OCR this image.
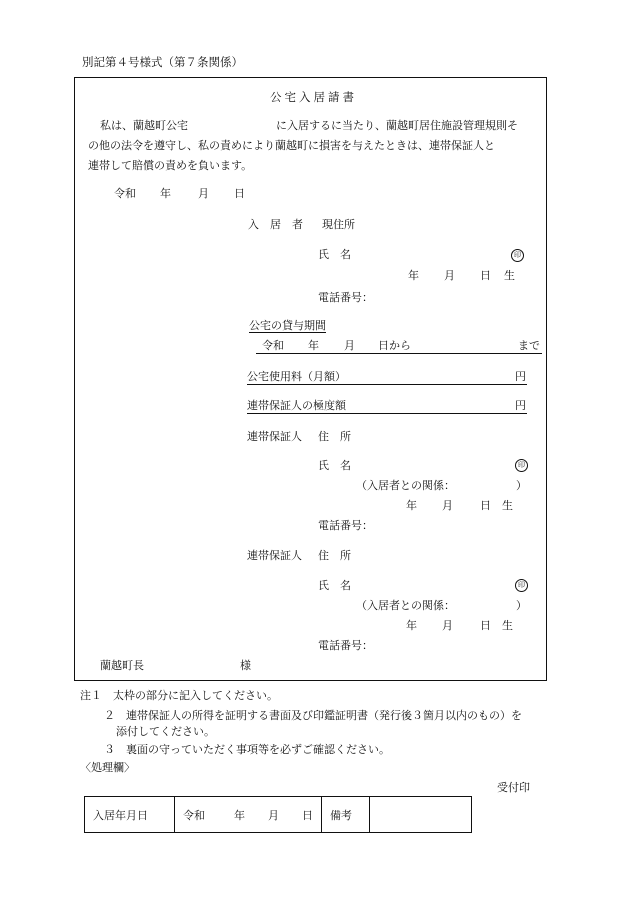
別記第４号様式（第７条関係）
公宅入居請書
私は、蘭越町公宅	に入居するに当たり、蘭越町居住施設管理規則そ
の他の法令を遵守し、私の責めにより蘭越町に損害を与えたときは、連帯保証人と
連帯して賠償の責めを負います。
令和 年 月 日
入　居　者 現住所
氏　名	印
年 月 日 生
電話番号：
公宅の貸与期間
令和 年 月 日から	まで
公宅使用料（月額）	円
連帯保証人の極度額	円
連帯保証人 住　所
氏　名	印
（入居者との関係：	）
年 月 日 生
電話番号：
連帯保証人 住　所
氏　名	印
（入居者との関係：	）
年 月 日 生
電話番号：
蘭越町長	様
注１　太枠の部分に記入してください。
２　連帯保証人の所得を証明する書面及び印鑑証明書（発行後３箇月以内のもの）を
添付してください。
３　裏面の守っていただく事項等を必ずご確認ください。
〈処理欄〉
受付印
入居年月日	令和	年 月 日	備考	
